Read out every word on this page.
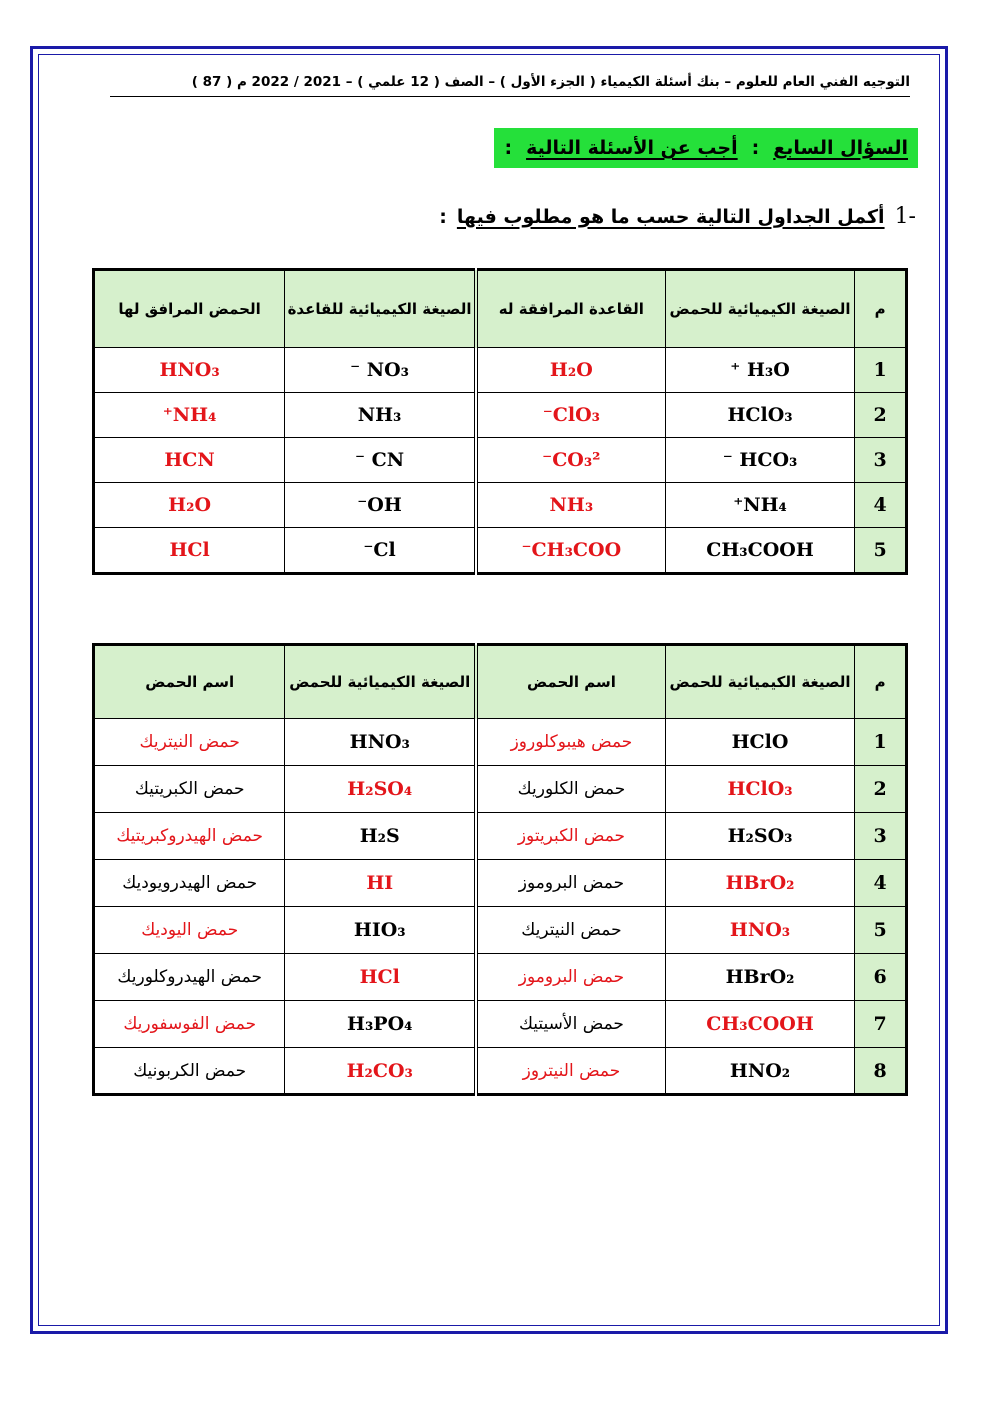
التوجيه الفني العام للعلوم – بنك أسئلة الكيمياء ( الجزء الأول ) – الصف ( 12 علمي ) – 2021 / 2022 م ( 87 )
السؤال السابع
:
أجب عن الأسئلة التالية
:
1-
أكمل الجداول التالية حسب ما هو مطلوب فيها
:
م	الصيغة الكيميائية للحمض	القاعدة المرافقة له	الصيغة الكيميائية للقاعدة	الحمض المرافق لها
1	H₃O ⁺	H₂O	NO₃ ⁻	HNO₃
2	HClO₃	ClO₃⁻	NH₃	NH₄⁺
3	HCO₃ ⁻	CO₃²⁻	CN ⁻	HCN
4	NH₄⁺	NH₃	OH⁻	H₂O
5	CH₃COOH	CH₃COO⁻	Cl⁻	HCl
م	الصيغة الكيميائية للحمض	اسم الحمض	الصيغة الكيميائية للحمض	اسم الحمض
1	HClO	حمض هيبوكلوروز	HNO₃	حمض النيتريك
2	HClO₃	حمض الكلوريك	H₂SO₄	حمض الكبريتيك
3	H₂SO₃	حمض الكبريتوز	H₂S	حمض الهيدروكبريتيك
4	HBrO₂	حمض البروموز	HI	حمض الهيدرويوديك
5	HNO₃	حمض النيتريك	HIO₃	حمض اليوديك
6	HBrO₂	حمض البروموز	HCl	حمض الهيدروكلوريك
7	CH₃COOH	حمض الأسيتيك	H₃PO₄	حمض الفوسفوريك
8	HNO₂	حمض النيتروز	H₂CO₃	حمض الكربونيك
